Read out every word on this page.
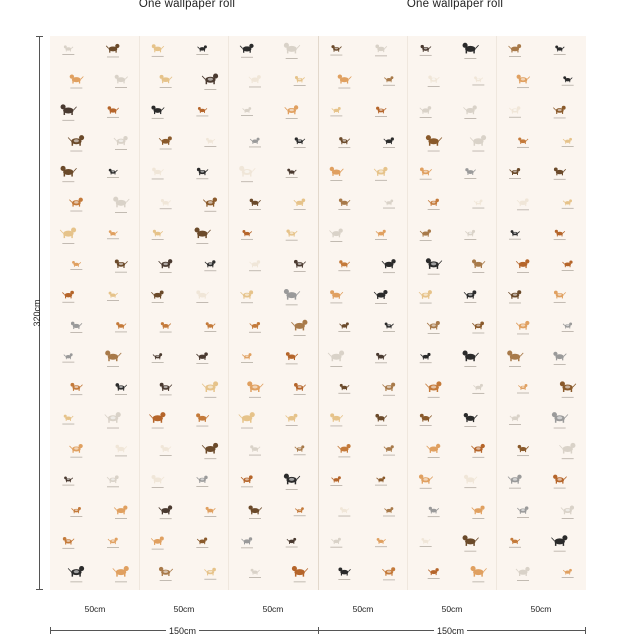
One wallpaper roll	One wallpaper roll
320cm
50cm	50cm	50cm	50cm	50cm	50cm
150cm	150cm
